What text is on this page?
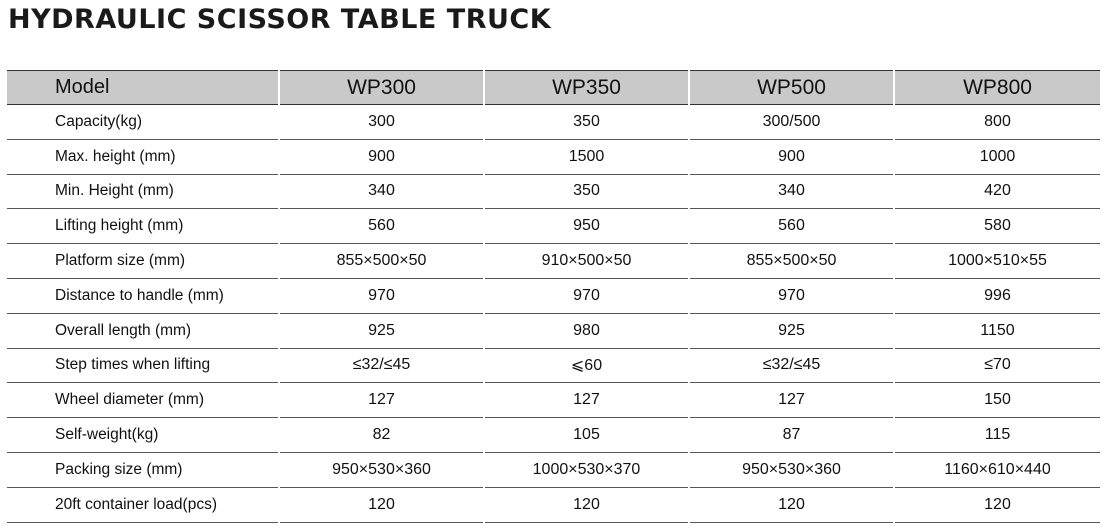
HYDRAULIC SCISSOR TABLE TRUCK
Model	WP300	WP350	WP500	WP800
Capacity(kg)	300	350	300/500	800
Max. height (mm)	900	1500	900	1000
Min. Height (mm)	340	350	340	420
Lifting height (mm)	560	950	560	580
Platform size (mm)	855×500×50	910×500×50	855×500×50	1000×510×55
Distance to handle (mm)	970	970	970	996
Overall length (mm)	925	980	925	1150
Step times when lifting	≤32/≤45	⩽60	≤32/≤45	≤70
Wheel diameter (mm)	127	127	127	150
Self-weight(kg)	82	105	87	115
Packing size (mm)	950×530×360	1000×530×370	950×530×360	1160×610×440
20ft container load(pcs)	120	120	120	120
